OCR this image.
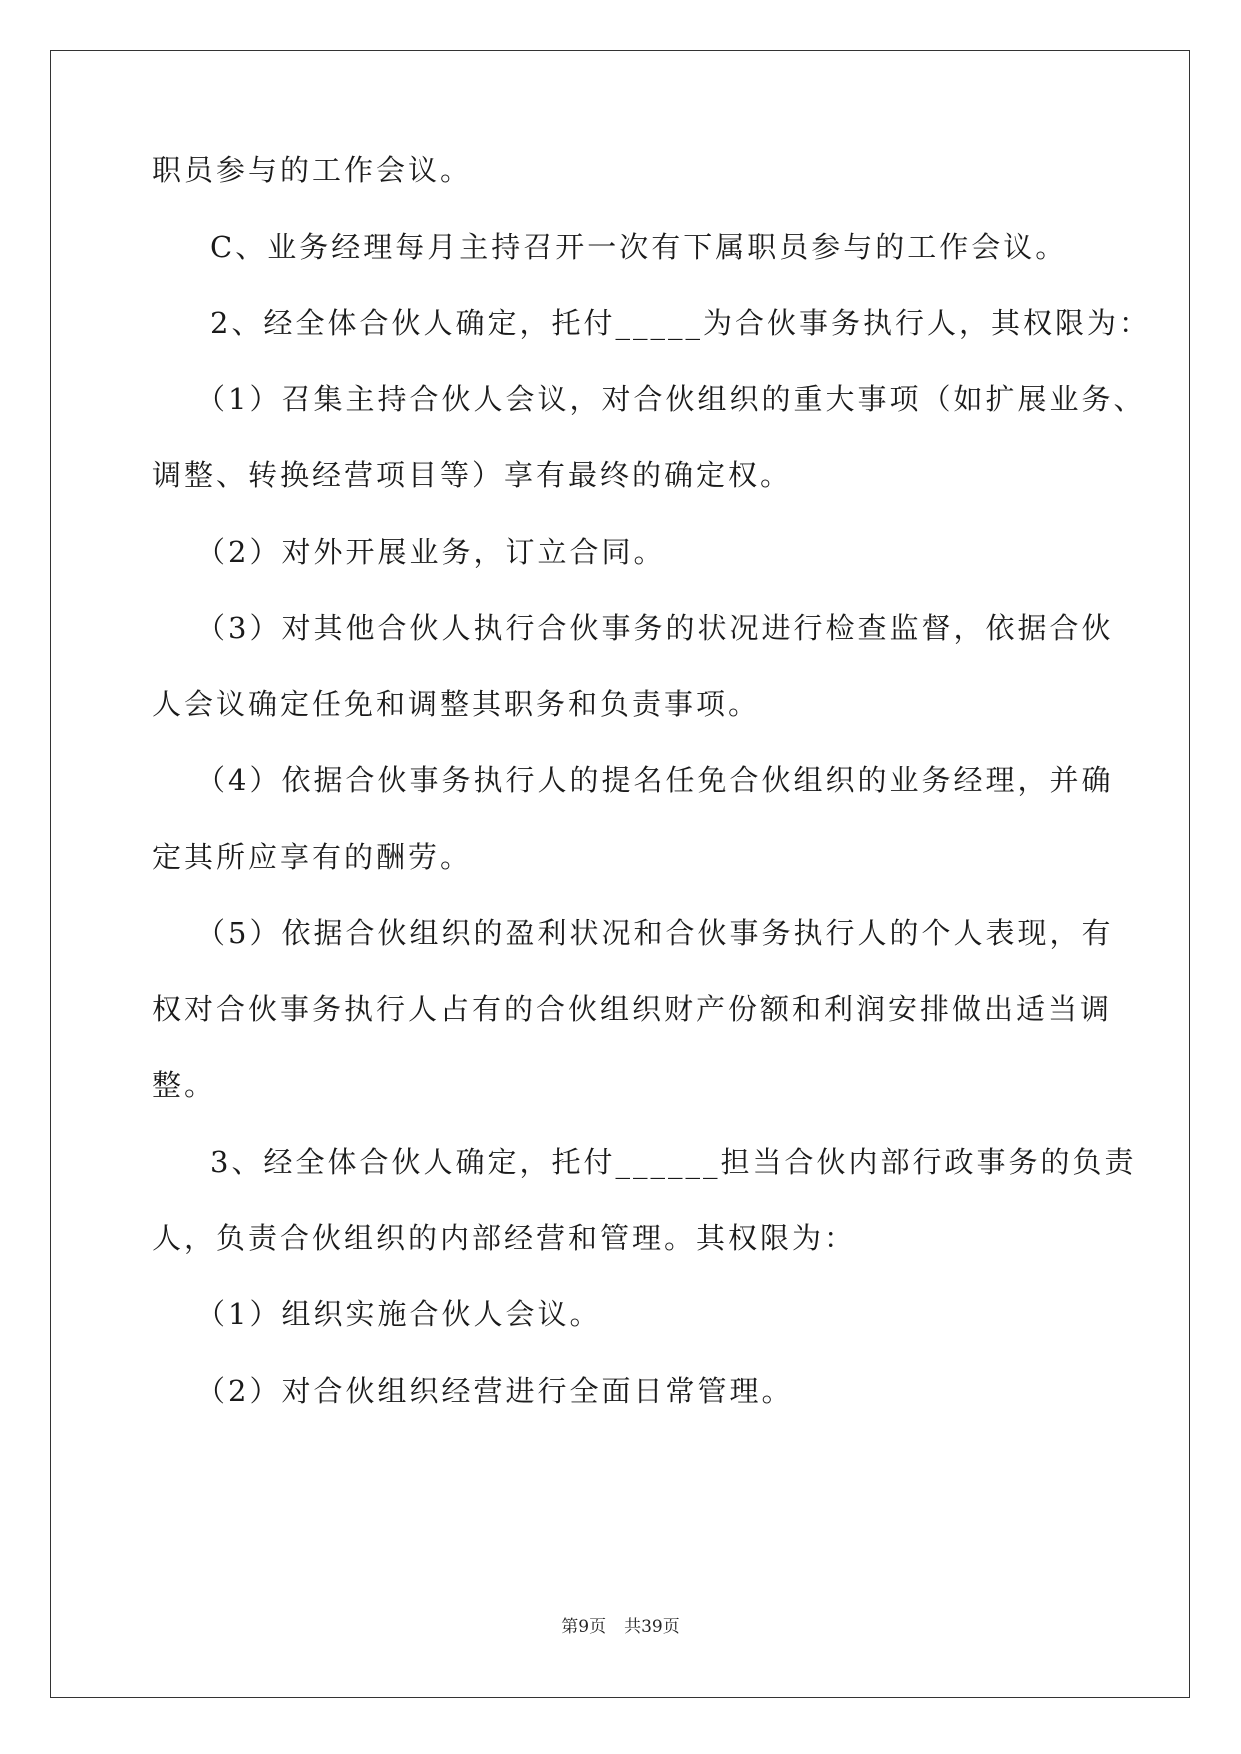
职员参与的工作会议。
C、业务经理每月主持召开一次有下属职员参与的工作会议。
2、经全体合伙人确定，托付_____为合伙事务执行人，其权限为：
（1）召集主持合伙人会议，对合伙组织的重大事项（如扩展业务、
调整、转换经营项目等）享有最终的确定权。
（2）对外开展业务，订立合同。
（3）对其他合伙人执行合伙事务的状况进行检查监督，依据合伙
人会议确定任免和调整其职务和负责事项。
（4）依据合伙事务执行人的提名任免合伙组织的业务经理，并确
定其所应享有的酬劳。
（5）依据合伙组织的盈利状况和合伙事务执行人的个人表现，有
权对合伙事务执行人占有的合伙组织财产份额和利润安排做出适当调
整。
3、经全体合伙人确定，托付______担当合伙内部行政事务的负责
人，负责合伙组织的内部经营和管理。其权限为：
（1）组织实施合伙人会议。
（2）对合伙组织经营进行全面日常管理。
第9页 共39页
